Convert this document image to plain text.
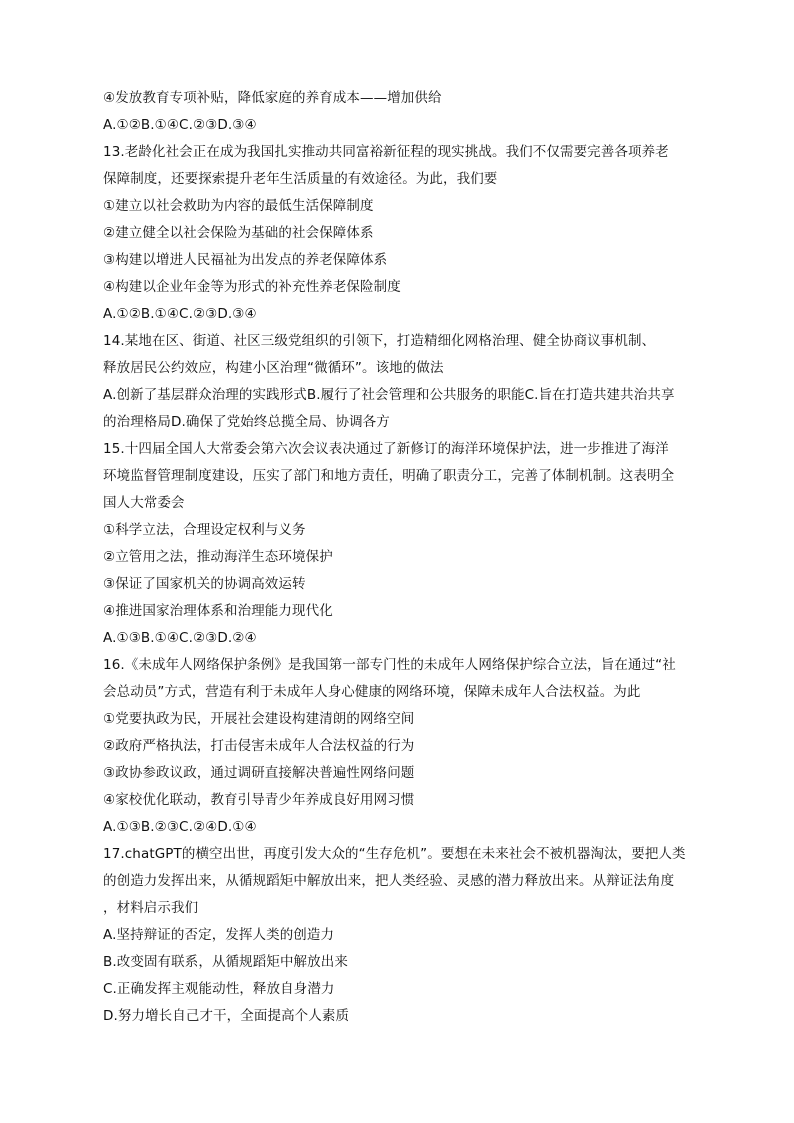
④发放教育专项补贴，降低家庭的养育成本——增加供给
A.①②B.①④C.②③D.③④
13.老龄化社会正在成为我国扎实推动共同富裕新征程的现实挑战。我们不仅需要完善各项养老
保障制度，还要探索提升老年生活质量的有效途径。为此，我们要
①建立以社会救助为内容的最低生活保障制度
②建立健全以社会保险为基础的社会保障体系
③构建以增进人民福祉为出发点的养老保障体系
④构建以企业年金等为形式的补充性养老保险制度
A.①②B.①④C.②③D.③④
14.某地在区、街道、社区三级党组织的引领下，打造精细化网格治理、健全协商议事机制、
释放居民公约效应，构建小区治理“微循环”。该地的做法
A.创新了基层群众治理的实践形式B.履行了社会管理和公共服务的职能C.旨在打造共建共治共享
的治理格局D.确保了党始终总揽全局、协调各方
15.十四届全国人大常委会第六次会议表决通过了新修订的海洋环境保护法，进一步推进了海洋
环境监督管理制度建设，压实了部门和地方责任，明确了职责分工，完善了体制机制。这表明全
国人大常委会
①科学立法，合理设定权利与义务
②立管用之法，推动海洋生态环境保护
③保证了国家机关的协调高效运转
④推进国家治理体系和治理能力现代化
A.①③B.①④C.②③D.②④
16.《未成年人网络保护条例》是我国第一部专门性的未成年人网络保护综合立法，旨在通过“社
会总动员”方式，营造有利于未成年人身心健康的网络环境，保障未成年人合法权益。为此
①党要执政为民，开展社会建设构建清朗的网络空间
②政府严格执法，打击侵害未成年人合法权益的行为
③政协参政议政，通过调研直接解决普遍性网络问题
④家校优化联动，教育引导青少年养成良好用网习惯
A.①③B.②③C.②④D.①④
17.chatGPT的横空出世，再度引发大众的“生存危机”。要想在未来社会不被机器淘汰，要把人类
的创造力发挥出来，从循规蹈矩中解放出来，把人类经验、灵感的潜力释放出来。从辩证法角度
，材料启示我们
A.坚持辩证的否定，发挥人类的创造力
B.改变固有联系，从循规蹈矩中解放出来
C.正确发挥主观能动性，释放自身潜力
D.努力增长自己才干，全面提高个人素质
